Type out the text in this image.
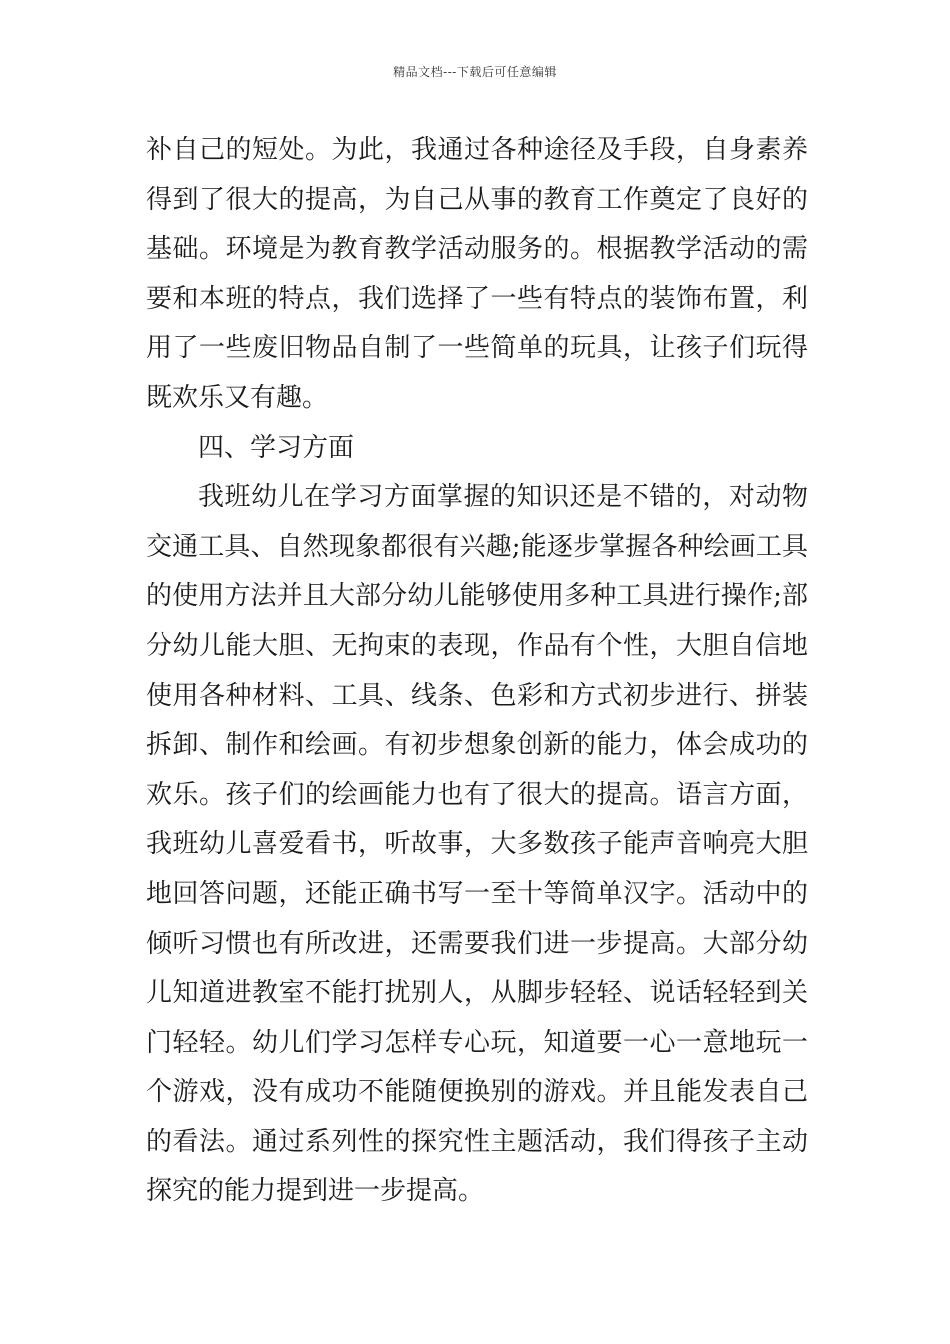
精品文档---下载后可任意编辑
补自己的短处。为此，我通过各种途径及手段，自身素养
得到了很大的提高，为自己从事的教育工作奠定了良好的
基础。环境是为教育教学活动服务的。根据教学活动的需
要和本班的特点，我们选择了一些有特点的装饰布置，利
用了一些废旧物品自制了一些简单的玩具，让孩子们玩得
既欢乐又有趣。
四、学习方面
我班幼儿在学习方面掌握的知识还是不错的，对动物
交通工具、自然现象都很有兴趣;能逐步掌握各种绘画工具
的使用方法并且大部分幼儿能够使用多种工具进行操作;部
分幼儿能大胆、无拘束的表现，作品有个性，大胆自信地
使用各种材料、工具、线条、色彩和方式初步进行、拼装
拆卸、制作和绘画。有初步想象创新的能力，体会成功的
欢乐。孩子们的绘画能力也有了很大的提高。语言方面，
我班幼儿喜爱看书，听故事，大多数孩子能声音响亮大胆
地回答问题，还能正确书写一至十等简单汉字。活动中的
倾听习惯也有所改进，还需要我们进一步提高。大部分幼
儿知道进教室不能打扰别人，从脚步轻轻、说话轻轻到关
门轻轻。幼儿们学习怎样专心玩，知道要一心一意地玩一
个游戏，没有成功不能随便换别的游戏。并且能发表自己
的看法。通过系列性的探究性主题活动，我们得孩子主动
探究的能力提到进一步提高。
